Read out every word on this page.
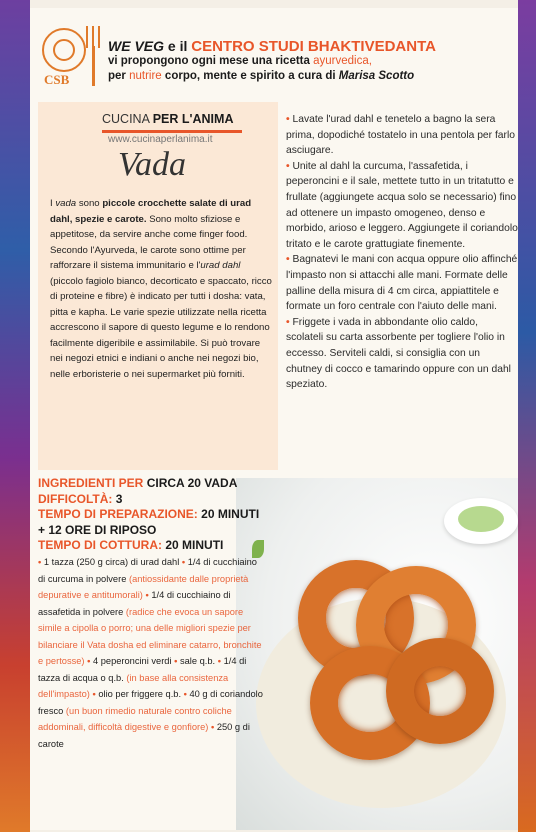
CSB
WE VEG e il CENTRO STUDI BHAKTIVEDANTA
vi propongono ogni mese una ricetta ayurvedica,
per nutrire corpo, mente e spirito a cura di Marisa Scotto
CUCINA PER L'ANIMA
www.cucinaperlanima.it
Vada
I vada sono piccole crocchette salate di urad dahl, spezie e carote. Sono molto sfiziose e appetitose, da servire anche come finger food. Secondo l'Ayurveda, le carote sono ottime per rafforzare il sistema immunitario e l'urad dahl (piccolo fagiolo bianco, decorticato e spaccato, ricco di proteine e fibre) è indicato per tutti i dosha: vata, pitta e kapha. Le varie spezie utilizzate nella ricetta accrescono il sapore di questo legume e lo rendono facilmente digeribile e assimilabile. Si può trovare nei negozi etnici e indiani o anche nei negozi bio, nelle erboristerie o nei supermarket più forniti.

• Lavate l'urad dahl e tenetelo a bagno la sera prima, dopodiché tostatelo in una pentola per farlo asciugare.

• Unite al dahl la curcuma, l'assafetida, i peperoncini e il sale, mettete tutto in un tritatutto e frullate (aggiungete acqua solo se necessario) fino ad ottenere un impasto omogeneo, denso e morbido, arioso e leggero. Aggiungete il coriandolo tritato e le carote grattugiate finemente.

• Bagnatevi le mani con acqua oppure olio affinché l'impasto non si attacchi alle mani. Formate delle palline della misura di 4 cm circa, appiattitele e formate un foro centrale con l'aiuto delle mani.

• Friggete i vada in abbondante olio caldo, scolateli su carta assorbente per togliere l'olio in eccesso. Serviteli caldi, si consiglia con un chutney di cocco e tamarindo oppure con un dahl speziato.

INGREDIENTI PER CIRCA 20 VADA
DIFFICOLTÀ: 3
TEMPO DI PREPARAZIONE: 20 MINUTI
+ 12 ORE DI RIPOSO
TEMPO DI COTTURA: 20 MINUTI
• 1 tazza (250 g circa) di urad dahl • 1/4 di cucchiaino di curcuma in polvere (antiossidante dalle proprietà depurative e antitumorali) • 1/4 di cucchiaino di assafetida in polvere (radice che evoca un sapore simile a cipolla o porro; una delle migliori spezie per bilanciare il Vata dosha ed eliminare catarro, bronchite e pertosse) • 4 peperoncini verdi • sale q.b. • 1/4 di tazza di acqua o q.b. (in base alla consistenza dell'impasto) • olio per friggere q.b. • 40 g di coriandolo fresco (un buon rimedio naturale contro coliche addominali, difficoltà digestive e gonfiore) • 250 g di carote
